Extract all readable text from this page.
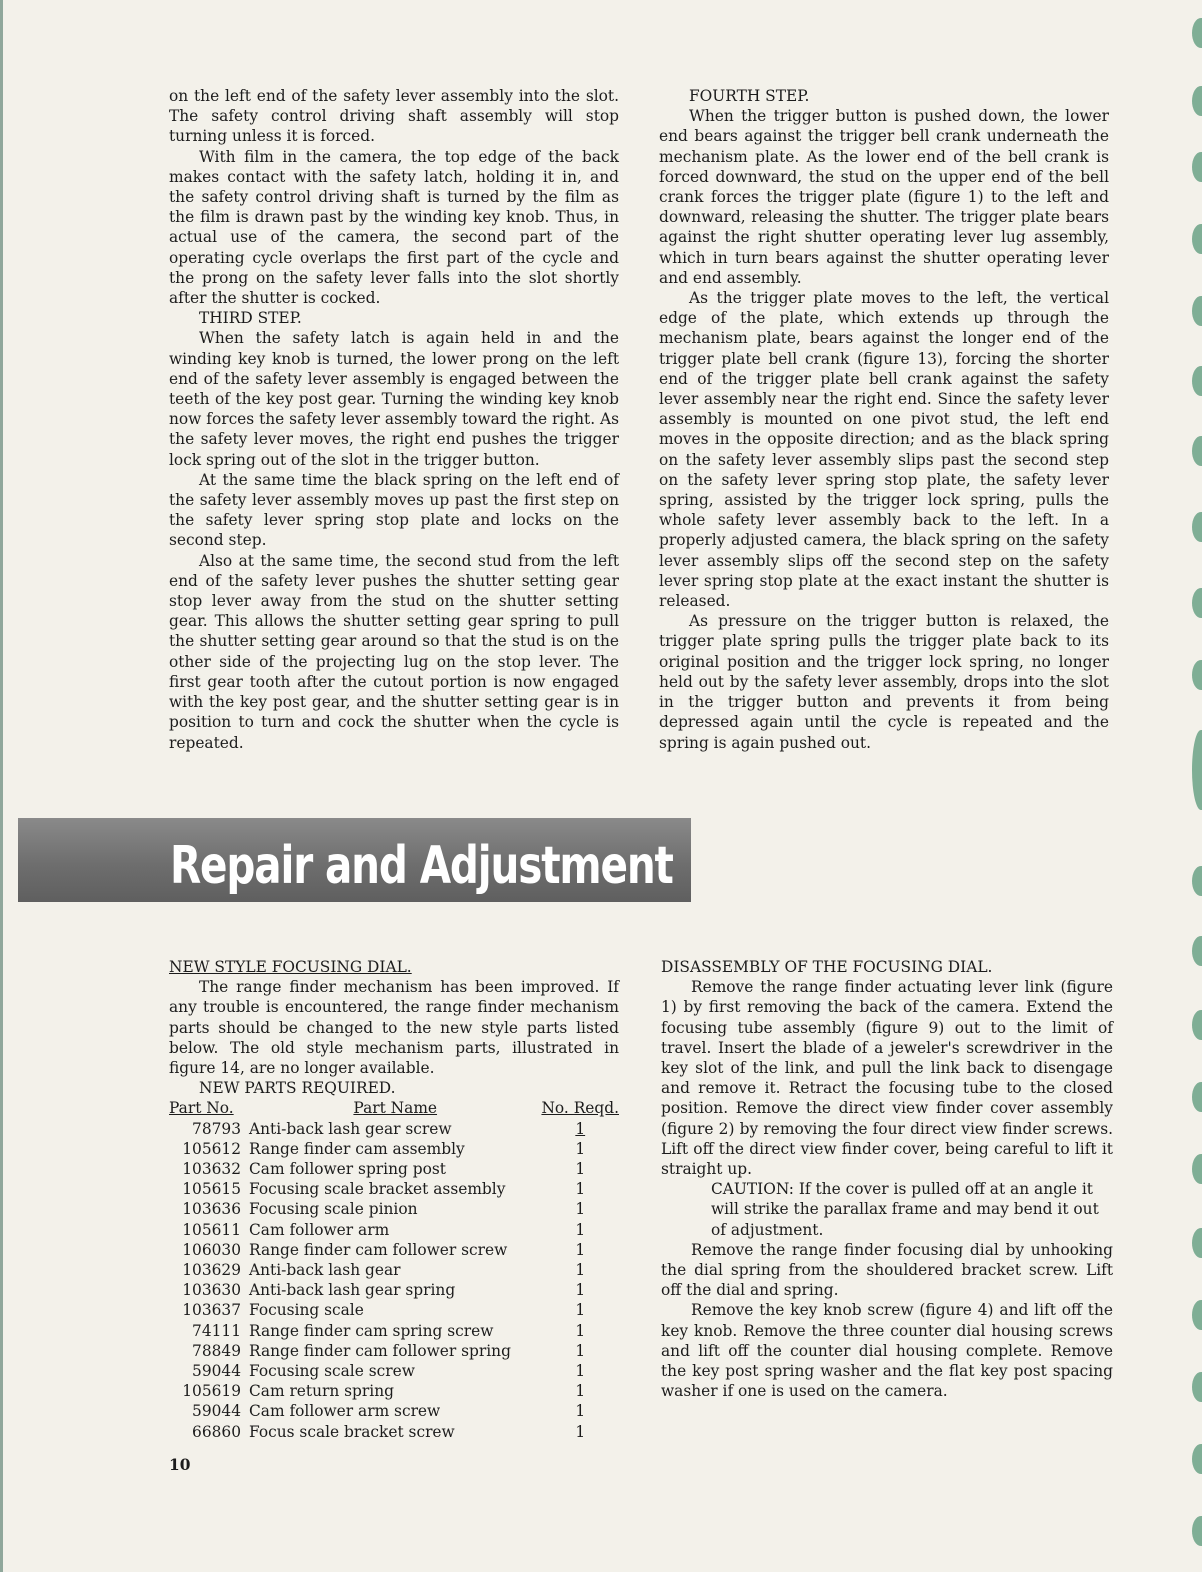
on the left end of the safety lever assembly into the slot. The safety control driving shaft assembly will stop turning unless it is forced.

With film in the camera, the top edge of the back makes contact with the safety latch, holding it in, and the safety control driving shaft is turned by the film as the film is drawn past by the winding key knob. Thus, in actual use of the camera, the second part of the operating cycle overlaps the first part of the cycle and the prong on the safety lever falls into the slot shortly after the shutter is cocked.

THIRD STEP.

When the safety latch is again held in and the winding key knob is turned, the lower prong on the left end of the safety lever assembly is engaged between the teeth of the key post gear. Turning the winding key knob now forces the safety lever assembly toward the right. As the safety lever moves, the right end pushes the trigger lock spring out of the slot in the trigger button.

At the same time the black spring on the left end of the safety lever assembly moves up past the first step on the safety lever spring stop plate and locks on the second step.

Also at the same time, the second stud from the left end of the safety lever pushes the shutter setting gear stop lever away from the stud on the shutter setting gear. This allows the shutter setting gear spring to pull the shutter setting gear around so that the stud is on the other side of the projecting lug on the stop lever. The first gear tooth after the cutout portion is now engaged with the key post gear, and the shutter setting gear is in position to turn and cock the shutter when the cycle is repeated.

FOURTH STEP.

When the trigger button is pushed down, the lower end bears against the trigger bell crank underneath the mechanism plate. As the lower end of the bell crank is forced downward, the stud on the upper end of the bell crank forces the trigger plate (figure 1) to the left and downward, releasing the shutter. The trigger plate bears against the right shutter operating lever lug assembly, which in turn bears against the shutter operating lever and end assembly.

As the trigger plate moves to the left, the vertical edge of the plate, which extends up through the mechanism plate, bears against the longer end of the trigger plate bell crank (figure 13), forcing the shorter end of the trigger plate bell crank against the safety lever assembly near the right end. Since the safety lever assembly is mounted on one pivot stud, the left end moves in the opposite direction; and as the black spring on the safety lever assembly slips past the second step on the safety lever spring stop plate, the safety lever spring, assisted by the trigger lock spring, pulls the whole safety lever assembly back to the left. In a properly adjusted camera, the black spring on the safety lever assembly slips off the second step on the safety lever spring stop plate at the exact instant the shutter is released.

As pressure on the trigger button is relaxed, the trigger plate spring pulls the trigger plate back to its original position and the trigger lock spring, no longer held out by the safety lever assembly, drops into the slot in the trigger button and prevents it from being depressed again until the cycle is repeated and the spring is again pushed out.

Repair and Adjustment

NEW STYLE FOCUSING DIAL.

The range finder mechanism has been improved. If any trouble is encountered, the range finder mechanism parts should be changed to the new style parts listed below. The old style mechanism parts, illustrated in figure 14, are no longer available.

NEW PARTS REQUIRED.

Part No.	Part Name	No. Reqd.
78793	Anti-back lash gear screw	1
105612	Range finder cam assembly	1
103632	Cam follower spring post	1
105615	Focusing scale bracket assembly	1
103636	Focusing scale pinion	1
105611	Cam follower arm	1
106030	Range finder cam follower screw	1
103629	Anti-back lash gear	1
103630	Anti-back lash gear spring	1
103637	Focusing scale	1
74111	Range finder cam spring screw	1
78849	Range finder cam follower spring	1
59044	Focusing scale screw	1
105619	Cam return spring	1
59044	Cam follower arm screw	1
66860	Focus scale bracket screw	1

DISASSEMBLY OF THE FOCUSING DIAL.

Remove the range finder actuating lever link (figure 1) by first removing the back of the camera. Extend the focusing tube assembly (figure 9) out to the limit of travel. Insert the blade of a jeweler's screwdriver in the key slot of the link, and pull the link back to disengage and remove it. Retract the focusing tube to the closed position. Remove the direct view finder cover assembly (figure 2) by removing the four direct view finder screws. Lift off the direct view finder cover, being careful to lift it straight up.

CAUTION: If the cover is pulled off at an angle it will strike the parallax frame and may bend it out of adjustment.

Remove the range finder focusing dial by unhooking the dial spring from the shouldered bracket screw. Lift off the dial and spring.

Remove the key knob screw (figure 4) and lift off the key knob. Remove the three counter dial housing screws and lift off the counter dial housing complete. Remove the key post spring washer and the flat key post spacing washer if one is used on the camera.

10
